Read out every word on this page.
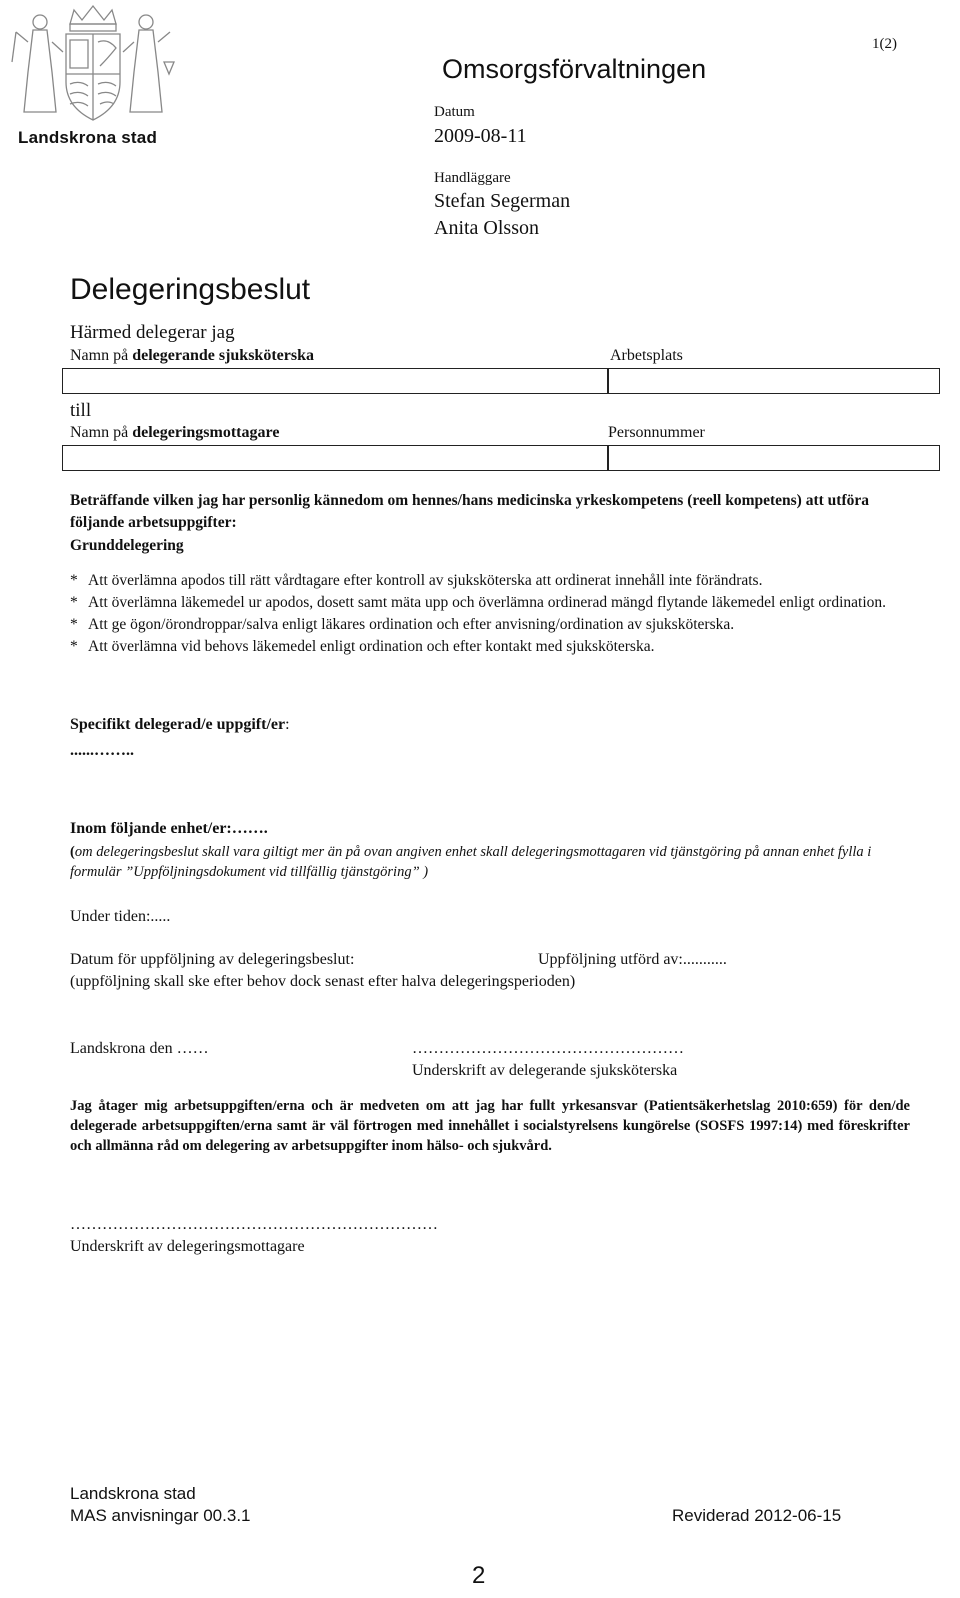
Landskrona stad
1(2)
Omsorgsförvaltningen
Datum
2009-08-11
Handläggare
Stefan Segerman
Anita Olsson
Delegeringsbeslut
Härmed delegerar jag
Namn på delegerande sjuksköterska	Arbetsplats
till
Namn på delegeringsmottagare	Personnummer
Beträffande vilken jag har personlig kännedom om hennes/hans medicinska yrkeskompetens (reell kompetens) att utföra följande arbetsuppgifter:
Grunddelegering
* Att överlämna apodos till rätt vårdtagare efter kontroll av sjuksköterska att ordinerat innehåll inte förändrats.
* Att överlämna läkemedel ur apodos, dosett samt mäta upp och överlämna ordinerad mängd flytande läkemedel enligt ordination.
* Att ge ögon/örondroppar/salva enligt läkares ordination och efter anvisning/ordination av sjuksköterska.
* Att överlämna vid behovs läkemedel enligt ordination och efter kontakt med sjuksköterska.
Specifikt delegerad/e uppgift/er:
......……..
Inom följande enhet/er:…….
(om delegeringsbeslut skall vara giltigt mer än på ovan angiven enhet skall delegeringsmottagaren vid tjänstgöring på annan enhet fylla i formulär ”Uppföljningsdokument vid tillfällig tjänstgöring” )
Under tiden:.....
Datum för uppföljning av delegeringsbeslut:	Uppföljning utförd av:...........
(uppföljning skall ske efter behov dock senast efter halva delegeringsperioden)
Landskrona den ……	……………………………………………
Underskrift av delegerande sjuksköterska
Jag åtager mig arbetsuppgiften/erna och är medveten om att jag har fullt yrkesansvar (Patientsäkerhetslag 2010:659) för den/de delegerade arbetsuppgiften/erna samt är väl förtrogen med innehållet i socialstyrelsens kungörelse (SOSFS 1997:14) med föreskrifter och allmänna råd om delegering av arbetsuppgifter inom hälso- och sjukvård.
……………………………………………………………
Underskrift av delegeringsmottagare
Landskrona stad
MAS anvisningar 00.3.1	Reviderad 2012-06-15
2
